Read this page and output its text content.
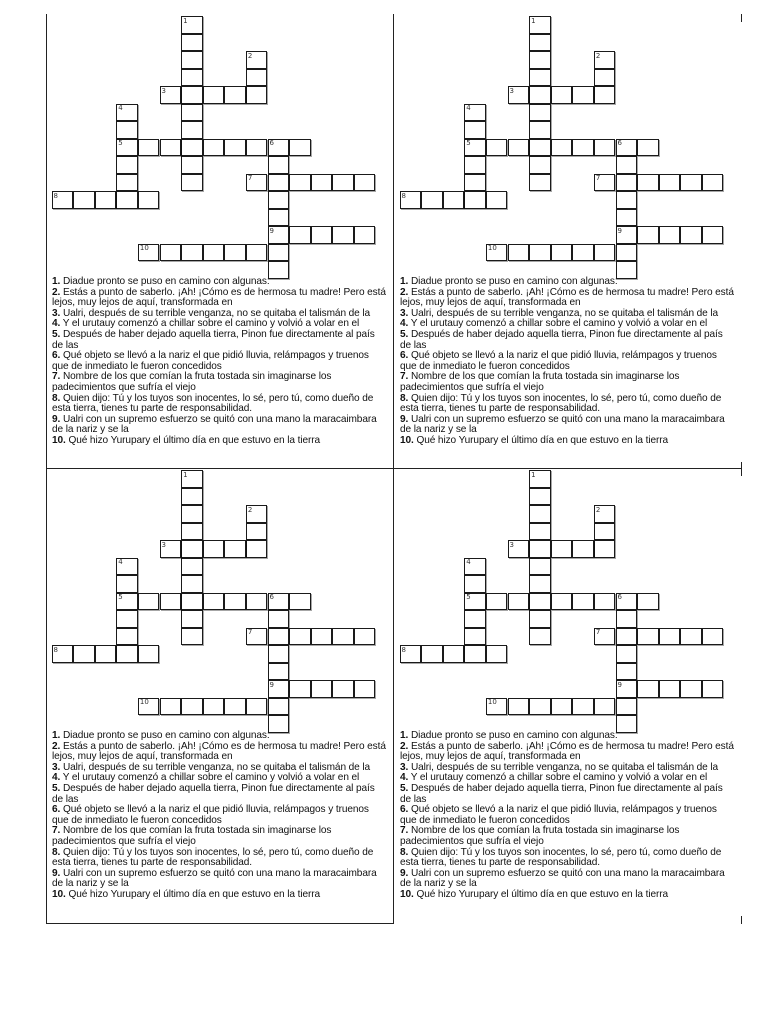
1
2
3
4
5	6
7
8
9
10

1. Diadue pronto se puso en camino con algunas:

2. Estás a punto de saberlo. ¡Ah! ¡Cómo es de hermosa tu madre! Pero está lejos, muy lejos de aquí, transformada en

3. Ualri, después de su terrible venganza, no se quitaba el talismán de la

4. Y el urutauy comenzó a chillar sobre el camino y volvió a volar en el

5. Después de haber dejado aquella tierra, Pinon fue directamente al país de las

6. Qué objeto se llevó a la nariz el que pidió lluvia, relámpagos y truenos que de inmediato le fueron concedidos

7. Nombre de los que comían la fruta tostada sin imaginarse los padecimientos que sufría el viejo

8. Quien dijo: Tú y los tuyos son inocentes, lo sé, pero tú, como dueño de esta tierra, tienes tu parte de responsabilidad.

9. Ualri con un supremo esfuerzo se quitó con una mano la maracaimbara de la nariz y se la

10. Qué hizo Yurupary el último día en que estuvo en la tierra

1
2
3
4
5	6
7
8
9
10

1. Diadue pronto se puso en camino con algunas:

2. Estás a punto de saberlo. ¡Ah! ¡Cómo es de hermosa tu madre! Pero está lejos, muy lejos de aquí, transformada en

3. Ualri, después de su terrible venganza, no se quitaba el talismán de la

4. Y el urutauy comenzó a chillar sobre el camino y volvió a volar en el

5. Después de haber dejado aquella tierra, Pinon fue directamente al país de las

6. Qué objeto se llevó a la nariz el que pidió lluvia, relámpagos y truenos que de inmediato le fueron concedidos

7. Nombre de los que comían la fruta tostada sin imaginarse los padecimientos que sufría el viejo

8. Quien dijo: Tú y los tuyos son inocentes, lo sé, pero tú, como dueño de esta tierra, tienes tu parte de responsabilidad.

9. Ualri con un supremo esfuerzo se quitó con una mano la maracaimbara de la nariz y se la

10. Qué hizo Yurupary el último día en que estuvo en la tierra

1
2
3
4
5	6
7
8
9
10

1. Diadue pronto se puso en camino con algunas:

2. Estás a punto de saberlo. ¡Ah! ¡Cómo es de hermosa tu madre! Pero está lejos, muy lejos de aquí, transformada en

3. Ualri, después de su terrible venganza, no se quitaba el talismán de la

4. Y el urutauy comenzó a chillar sobre el camino y volvió a volar en el

5. Después de haber dejado aquella tierra, Pinon fue directamente al país de las

6. Qué objeto se llevó a la nariz el que pidió lluvia, relámpagos y truenos que de inmediato le fueron concedidos

7. Nombre de los que comían la fruta tostada sin imaginarse los padecimientos que sufría el viejo

8. Quien dijo: Tú y los tuyos son inocentes, lo sé, pero tú, como dueño de esta tierra, tienes tu parte de responsabilidad.

9. Ualri con un supremo esfuerzo se quitó con una mano la maracaimbara de la nariz y se la

10. Qué hizo Yurupary el último día en que estuvo en la tierra

1
2
3
4
5	6
7
8
9
10

1. Diadue pronto se puso en camino con algunas:

2. Estás a punto de saberlo. ¡Ah! ¡Cómo es de hermosa tu madre! Pero está lejos, muy lejos de aquí, transformada en

3. Ualri, después de su terrible venganza, no se quitaba el talismán de la

4. Y el urutauy comenzó a chillar sobre el camino y volvió a volar en el

5. Después de haber dejado aquella tierra, Pinon fue directamente al país de las

6. Qué objeto se llevó a la nariz el que pidió lluvia, relámpagos y truenos que de inmediato le fueron concedidos

7. Nombre de los que comían la fruta tostada sin imaginarse los padecimientos que sufría el viejo

8. Quien dijo: Tú y los tuyos son inocentes, lo sé, pero tú, como dueño de esta tierra, tienes tu parte de responsabilidad.

9. Ualri con un supremo esfuerzo se quitó con una mano la maracaimbara de la nariz y se la

10. Qué hizo Yurupary el último día en que estuvo en la tierra
